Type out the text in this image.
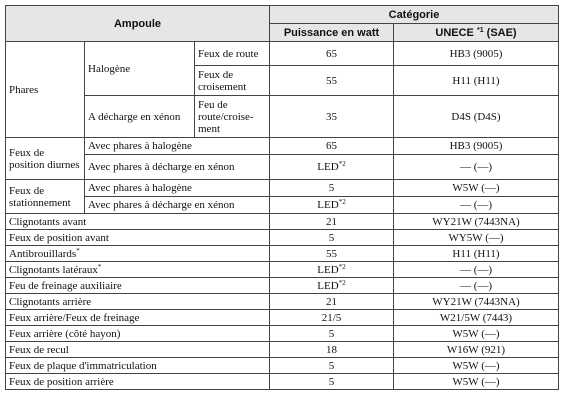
Ampoule			Catégorie	
			Puissance en watt	UNECE $^{*1}$ (SAE)
Phares	Halogène	Feux de route	65	HB3 (9005)
		Feux de croisement	55	H11 (H11)
	A décharge en xénon	Feu de route/croise-ment	35	D4S (D4S)
Feux de position diurnes	Avec phares à halogène		65	HB3 (9005)
	Avec phares à décharge en xénon		LED$^{*2}$	— (—)
Feux de stationnement	Avec phares à halogène		5	W5W (—)
	Avec phares à décharge en xénon		LED$^{*2}$	— (—)
Clignotants avant			21	WY21W (7443NA)
Feux de position avant			5	WY5W (—)
Antibrouillards*			55	H11 (H11)
Clignotants latéraux*			LED$^{*2}$	— (—)
Feu de freinage auxiliaire			LED$^{*2}$	— (—)
Clignotants arrière			21	WY21W (7443NA)
Feux arrière/Feux de freinage			21/5	W21/5W (7443)
Feux arrière (côté hayon)			5	W5W (—)
Feux de recul			18	W16W (921)
Feux de plaque d'immatriculation			5	W5W (—)
Feux de position arrière			5	W5W (—)
